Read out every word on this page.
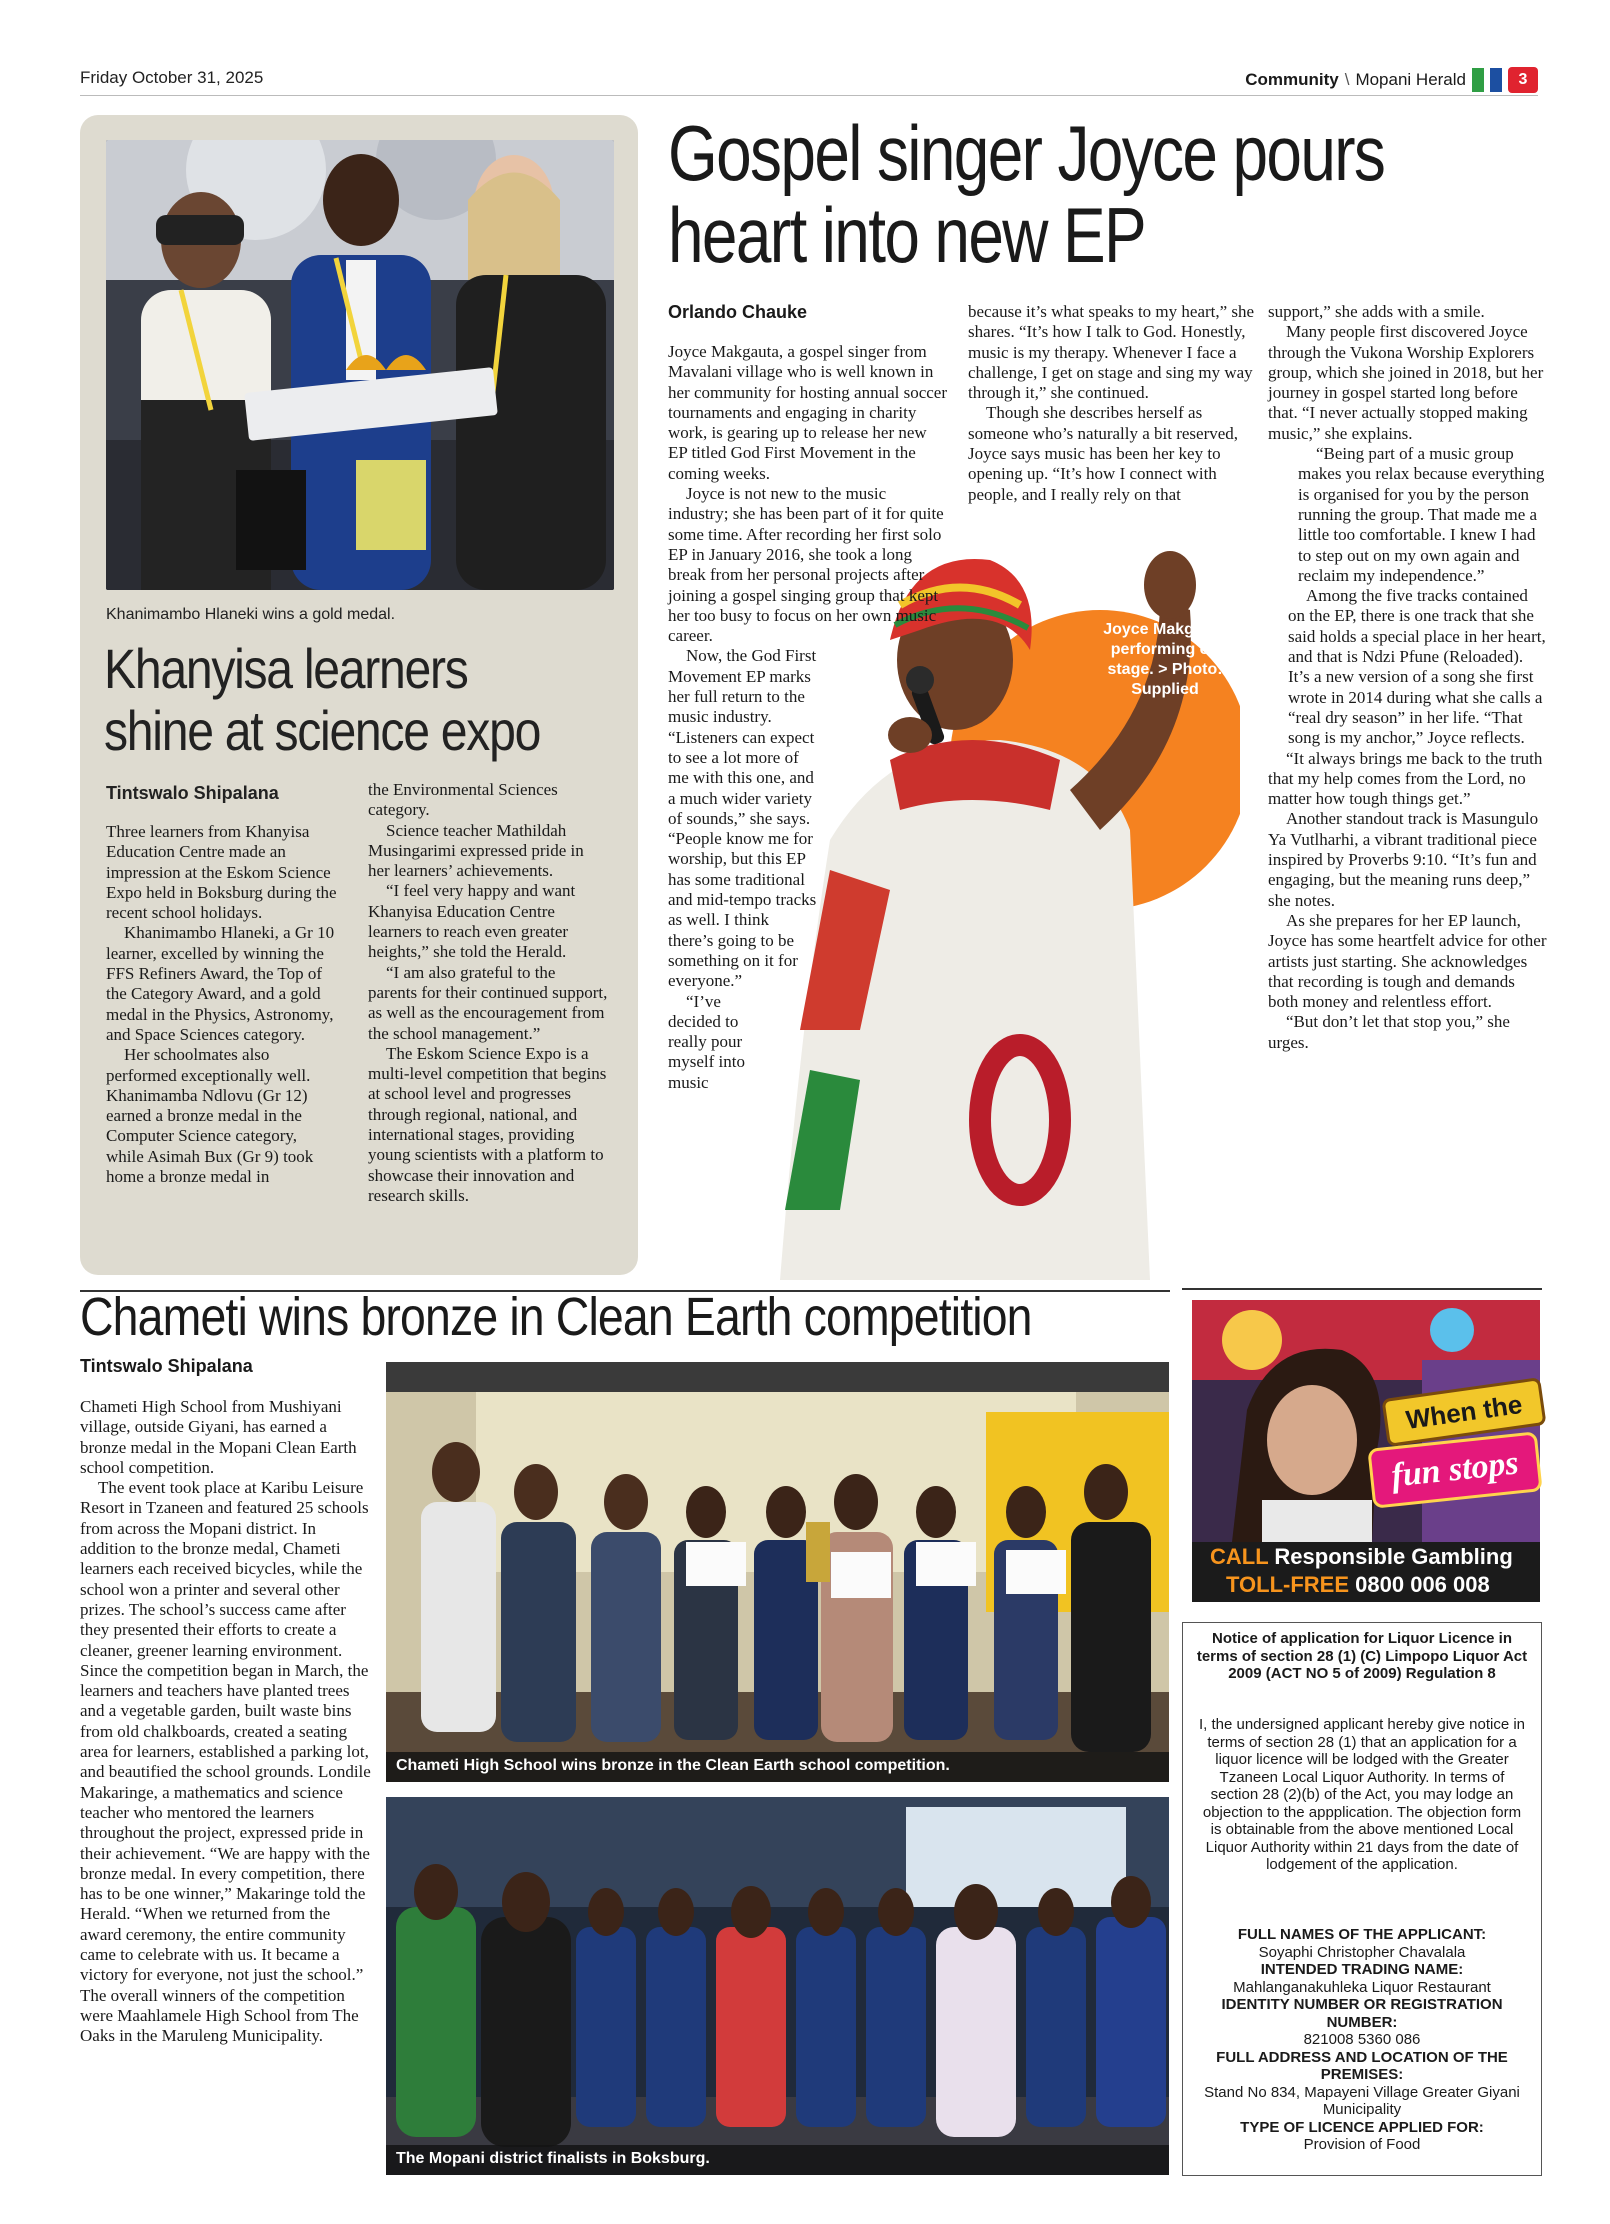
Friday October 31, 2025	Community \ Mopani Herald	3
Khanimambo Hlaneki wins a gold medal.
Khanyisa learners shine at science expo
Tintswalo Shipalana

Three learners from Khanyisa Education Centre made an impression at the Eskom Science Expo held in Boksburg during the recent school holidays.

Khanimambo Hlaneki, a Gr 10 learner, excelled by winning the FFS Refiners Award, the Top of the Category Award, and a gold medal in the Physics, Astronomy, and Space Sciences category.

Her schoolmates also performed exceptionally well. Khanimamba Ndlovu (Gr 12) earned a bronze medal in the Computer Science category, while Asimah Bux (Gr 9) took home a bronze medal in

the Environmental Sciences category.

Science teacher Mathildah Musingarimi expressed pride in her learners’ achievements.

“I feel very happy and want Khanyisa Education Centre learners to reach even greater heights,” she told the Herald.

“I am also grateful to the parents for their continued support, as well as the encouragement from the school management.”

The Eskom Science Expo is a multi-level competition that begins at school level and progresses through regional, national, and international stages, providing young scientists with a platform to showcase their innovation and research skills.

Gospel singer Joyce pours heart into new EP
Orlando Chauke
Joyce Makgauta performing on stage. > Photo: Supplied

Joyce Makgauta, a gospel singer from Mavalani village who is well known in her community for hosting annual soccer tournaments and engaging in charity work, is gearing up to release her new EP titled God First Movement in the coming weeks.

Joyce is not new to the music industry; she has been part of it for quite some time. After recording her first solo EP in January 2016, she took a long break from her personal projects after joining a gospel singing group that kept her too busy to focus on her own music career.

Now, the God First Movement EP marks her full return to the music industry. “Listeners can expect to see a lot more of me with this one, and a much wider variety of sounds,” she says. “People know me for worship, but this EP has some traditional and mid-tempo tracks as well. I think there’s going to be something on it for everyone.”

“I’ve decided to really pour myself into music

because it’s what speaks to my heart,” she shares. “It’s how I talk to God. Honestly, music is my therapy. Whenever I face a challenge, I get on stage and sing my way through it,” she continued.

Though she describes herself as someone who’s naturally a bit reserved, Joyce says music has been her key to opening up. “It’s how I connect with people, and I really rely on that

support,” she adds with a smile.

Many people first discovered Joyce through the Vukona Worship Explorers group, which she joined in 2018, but her journey in gospel started long before that. “I never actually stopped making music,” she explains.

“Being part of a music group makes you relax because everything is organised for you by the person running the group. That made me a little too comfortable. I knew I had to step out on my own again and reclaim my independence.”

Among the five tracks contained on the EP, there is one track that she said holds a special place in her heart, and that is Ndzi Pfune (Reloaded). It’s a new version of a song she first wrote in 2014 during what she calls a “real dry season” in her life. “That song is my anchor,” Joyce reflects.

“It always brings me back to the truth that my help comes from the Lord, no matter how tough things get.”

Another standout track is Masungulo Ya Vutlharhi, a vibrant traditional piece inspired by Proverbs 9:10. “It’s fun and engaging, but the meaning runs deep,” she notes.

As she prepares for her EP launch, Joyce has some heartfelt advice for other artists just starting. She acknowledges that recording is tough and demands both money and relentless effort.

“But don’t let that stop you,” she urges.

Chameti wins bronze in Clean Earth competition
Tintswalo Shipalana

Chameti High School from Mushiyani village, outside Giyani, has earned a bronze medal in the Mopani Clean Earth school competition.

The event took place at Karibu Leisure Resort in Tzaneen and featured 25 schools from across the Mopani district. In addition to the bronze medal, Chameti learners each received bicycles, while the school won a printer and several other prizes. The school’s success came after they presented their efforts to create a cleaner, greener learning environment. Since the competition began in March, the learners and teachers have planted trees and a vegetable garden, built waste bins from old chalkboards, created a seating area for learners, established a parking lot, and beautified the school grounds. Londile Makaringe, a mathematics and science teacher who mentored the learners throughout the project, expressed pride in their achievement. “We are happy with the bronze medal. In every competition, there has to be one winner,” Makaringe told the Herald. “When we returned from the award ceremony, the entire community came to celebrate with us. It became a victory for everyone, not just the school.” The overall winners of the competition were Maahlamele High School from The Oaks in the Maruleng Municipality.

Chameti High School wins bronze in the Clean Earth school competition.
The Mopani district finalists in Boksburg.
When the
fun stops
CALL Responsible Gambling
TOLL-FREE 0800 006 008
Notice of application for Liquor Licence in terms of section 28 (1) (C) Limpopo Liquor Act 2009 (ACT NO 5 of 2009) Regulation 8
I, the undersigned applicant hereby give notice in terms of section 28 (1) that an application for a liquor licence will be lodged with the Greater Tzaneen Local Liquor Authority. In terms of section 28 (2)(b) of the Act, you may lodge an objection to the appplication. The objection form is obtainable from the above mentioned Local Liquor Authority within 21 days from the date of lodgement of the application.
FULL NAMES OF THE APPLICANT:
Soyaphi Christopher Chavalala
INTENDED TRADING NAME:
Mahlanganakuhleka Liquor Restaurant
IDENTITY NUMBER OR REGISTRATION NUMBER:
821008 5360 086
FULL ADDRESS AND LOCATION OF THE PREMISES:
Stand No 834, Mapayeni Village Greater Giyani Municipality
TYPE OF LICENCE APPLIED FOR:
Provision of Food
